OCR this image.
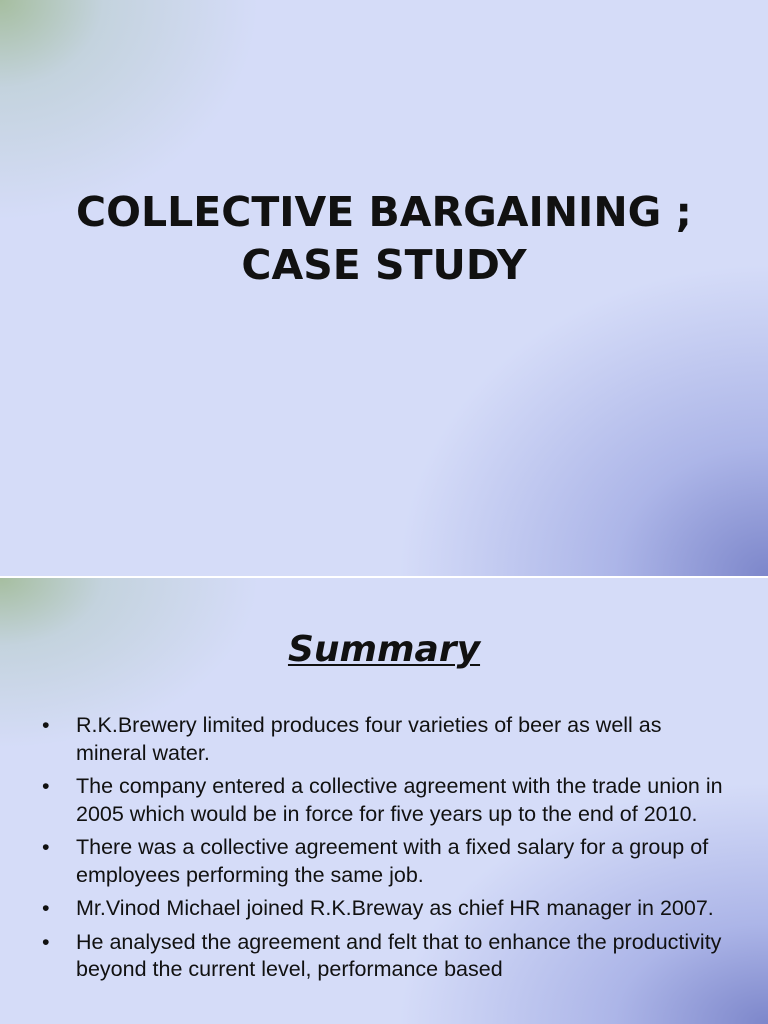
COLLECTIVE BARGAINING ;
CASE STUDY
Summary
• R.K.Brewery limited produces four varieties of beer as well as mineral water.
• The company entered a collective agreement with the trade union in 2005 which would be in force for five years up to the end of 2010.
• There was a collective agreement with a fixed salary for a group of employees performing the same job.
• Mr.Vinod Michael joined R.K.Breway as chief HR manager in 2007.
• He analysed the agreement and felt that to enhance the productivity beyond the current level, performance based
